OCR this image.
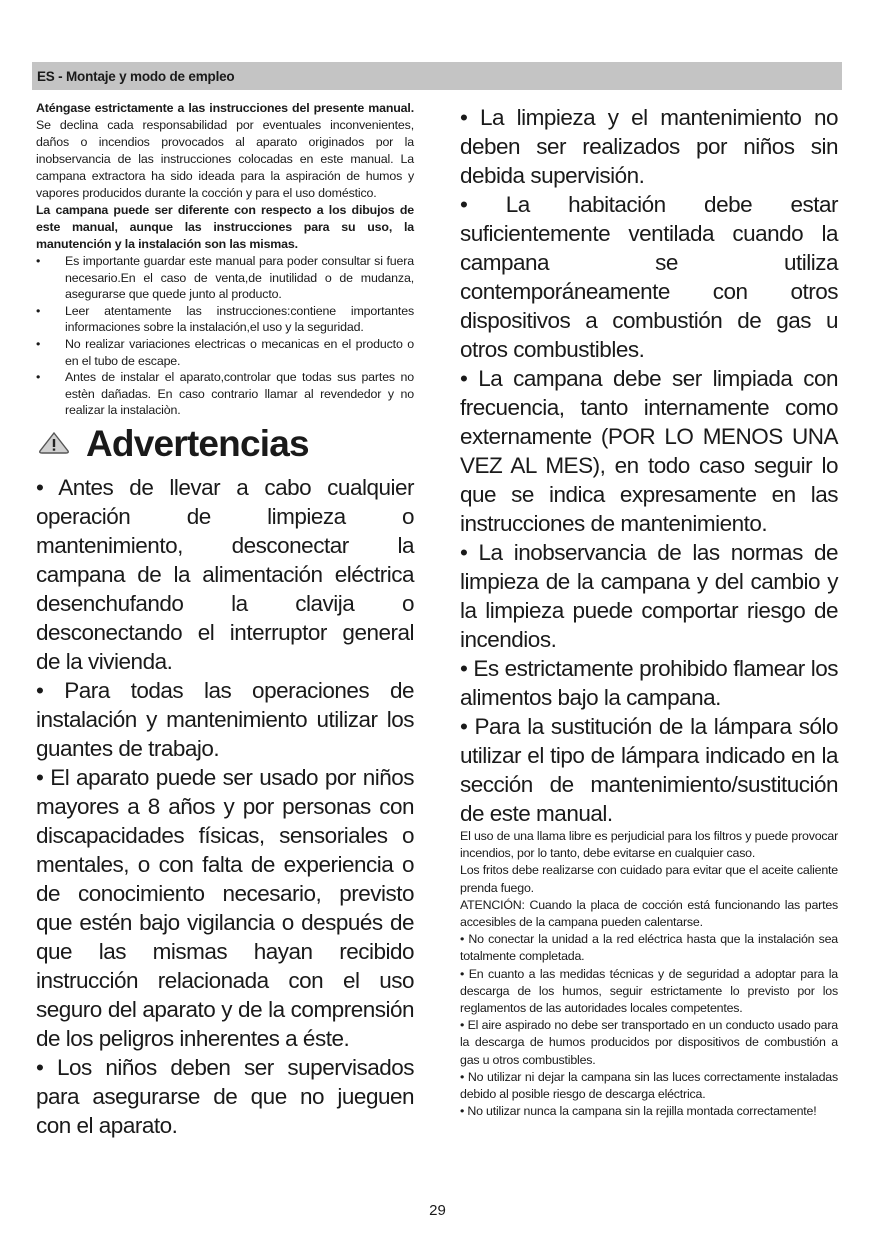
ES - Montaje y modo de empleo

Aténgase estrictamente a las instrucciones del presente manual. Se declina cada responsabilidad por eventuales inconvenientes, daños o incendios provocados al aparato originados por la inobservancia de las instrucciones colocadas en este manual. La campana extractora ha sido ideada para la aspiración de humos y vapores producidos durante la cocción y para el uso doméstico.

La campana puede ser diferente con respecto a los dibujos de este manual, aunque las instrucciones para su uso, la manutención y la instalación son las mismas.

• Es importante guardar este manual para poder consultar si fuera necesario.En el caso de venta,de inutilidad o de mudanza, asegurarse que quede junto al producto.
• Leer atentamente las instrucciones:contiene importantes informaciones sobre la instalación,el uso y la seguridad.
• No realizar variaciones electricas o mecanicas en el producto o en el tubo de escape.
• Antes de instalar el aparato,controlar que todas sus partes no estèn dañadas. En caso contrario llamar al revendedor y no realizar la instalaciòn.
Advertencias

• Antes de llevar a cabo cualquier operación de limpieza o mantenimiento, desconectar la campana de la alimentación eléctrica desenchufando la clavija o desconectando el interruptor general de la vivienda.

• Para todas las operaciones de instalación y mantenimiento utilizar los guantes de trabajo.

• El aparato puede ser usado por niños mayores a 8 años y por personas con discapacidades físicas, sensoriales o mentales, o con falta de experiencia o de conocimiento necesario, previsto que estén bajo vigilancia o después de que las mismas hayan recibido instrucción relacionada con el uso seguro del aparato y de la comprensión de los peligros inherentes a éste.

• Los niños deben ser supervisados para asegurarse de que no jueguen con el aparato.

• La limpieza y el mantenimiento no deben ser realizados por niños sin debida supervisión.

• La habitación debe estar suficientemente ventilada cuando la campana se utiliza contemporáneamente con otros dispositivos a combustión de gas u otros combustibles.

• La campana debe ser limpiada con frecuencia, tanto internamente como externamente (POR LO MENOS UNA VEZ AL MES), en todo caso seguir lo que se indica expresamente en las instrucciones de mantenimiento.

• La inobservancia de las normas de limpieza de la campana y del cambio y la limpieza puede comportar riesgo de incendios.

• Es estrictamente prohibido flamear los alimentos bajo la campana.

• Para la sustitución de la lámpara sólo utilizar el tipo de lámpara indicado en la sección de mantenimiento/sustitución de este manual.

El uso de una llama libre es perjudicial para los filtros y puede provocar incendios, por lo tanto, debe evitarse en cualquier caso.

Los fritos debe realizarse con cuidado para evitar que el aceite caliente prenda fuego.

ATENCIÓN: Cuando la placa de cocción está funcionando las partes accesibles de la campana pueden calentarse.

• No conectar la unidad a la red eléctrica hasta que la instalación sea totalmente completada.

• En cuanto a las medidas técnicas y de seguridad a adoptar para la descarga de los humos, seguir estrictamente lo previsto por los reglamentos de las autoridades locales competentes.

• El aire aspirado no debe ser transportado en un conducto usado para la descarga de humos producidos por dispositivos de combustión a gas u otros combustibles.

• No utilizar ni dejar la campana sin las luces correctamente instaladas debido al posible riesgo de descarga eléctrica.

• No utilizar nunca la campana sin la rejilla montada correctamente!

29
